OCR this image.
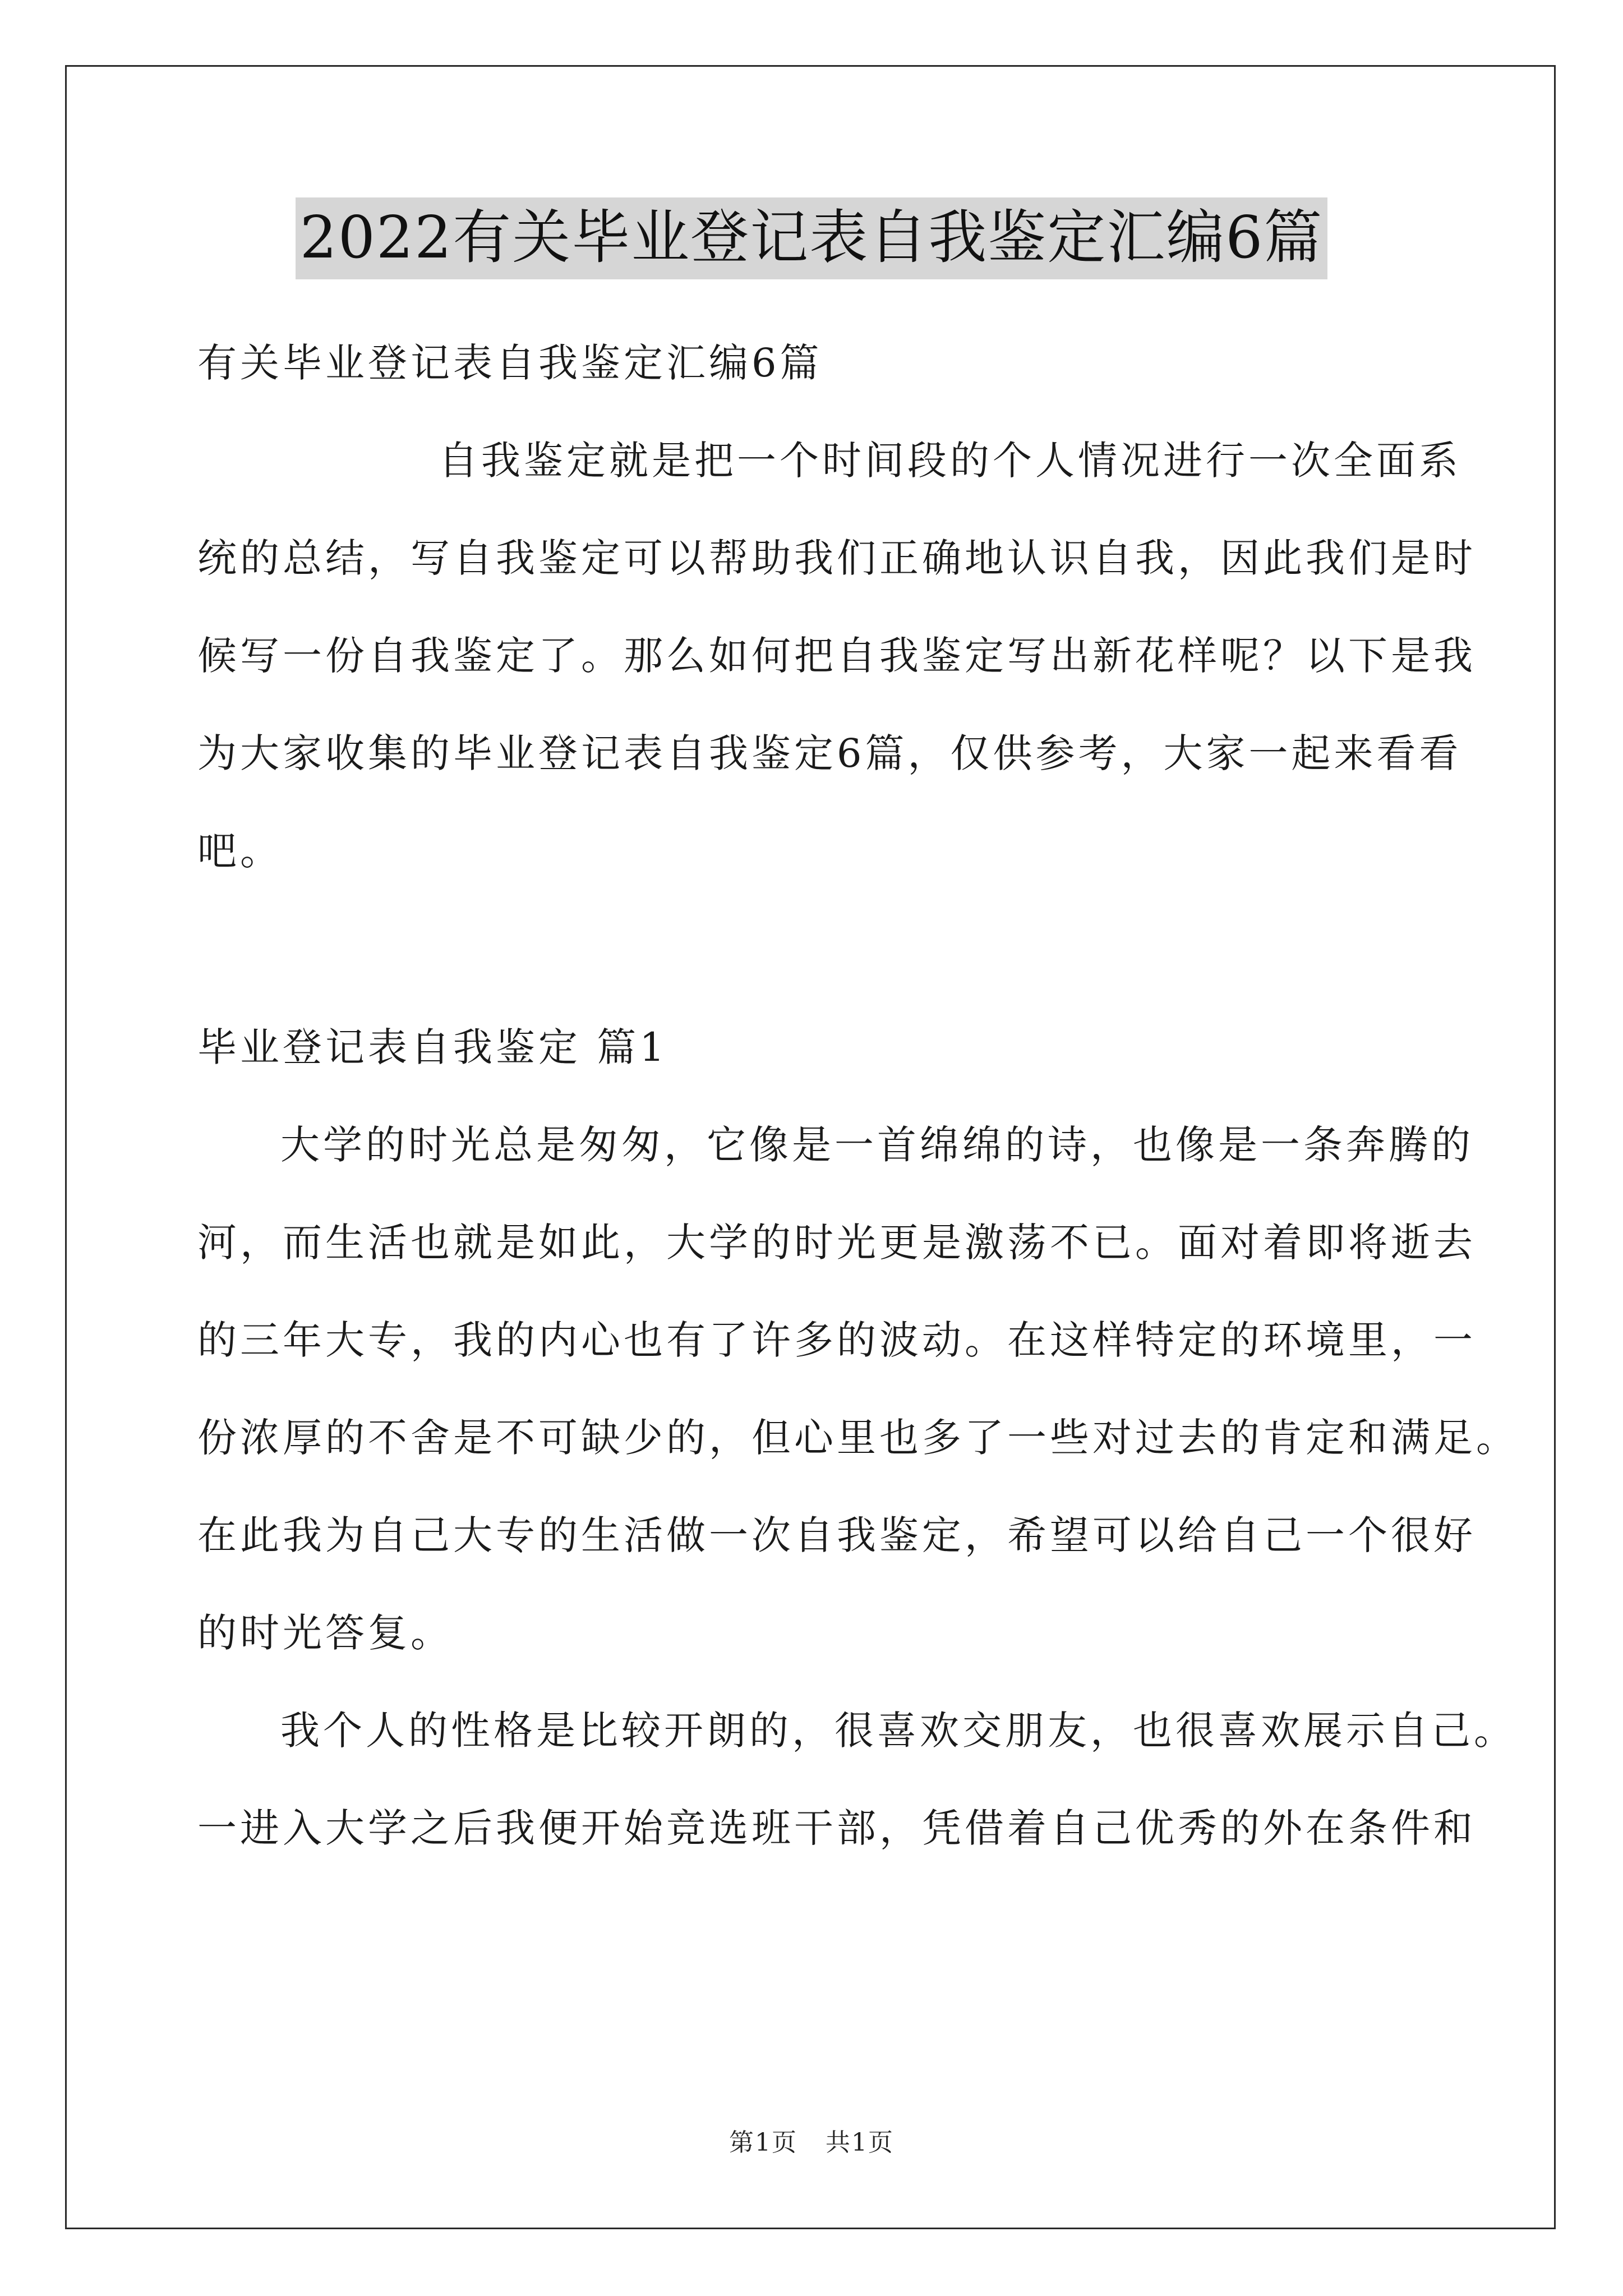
2022有关毕业登记表自我鉴定汇编6篇
有关毕业登记表自我鉴定汇编6篇
自我鉴定就是把一个时间段的个人情况进行一次全面系
统的总结，写自我鉴定可以帮助我们正确地认识自我，因此我们是时
候写一份自我鉴定了。那么如何把自我鉴定写出新花样呢？以下是我
为大家收集的毕业登记表自我鉴定6篇，仅供参考，大家一起来看看
吧。
毕业登记表自我鉴定 篇1
大学的时光总是匆匆，它像是一首绵绵的诗，也像是一条奔腾的
河，而生活也就是如此，大学的时光更是激荡不已。面对着即将逝去
的三年大专，我的内心也有了许多的波动。在这样特定的环境里，一
份浓厚的不舍是不可缺少的，但心里也多了一些对过去的肯定和满足。
在此我为自己大专的生活做一次自我鉴定，希望可以给自己一个很好
的时光答复。
我个人的性格是比较开朗的，很喜欢交朋友，也很喜欢展示自己。
一进入大学之后我便开始竞选班干部，凭借着自己优秀的外在条件和
第1页 共1页
